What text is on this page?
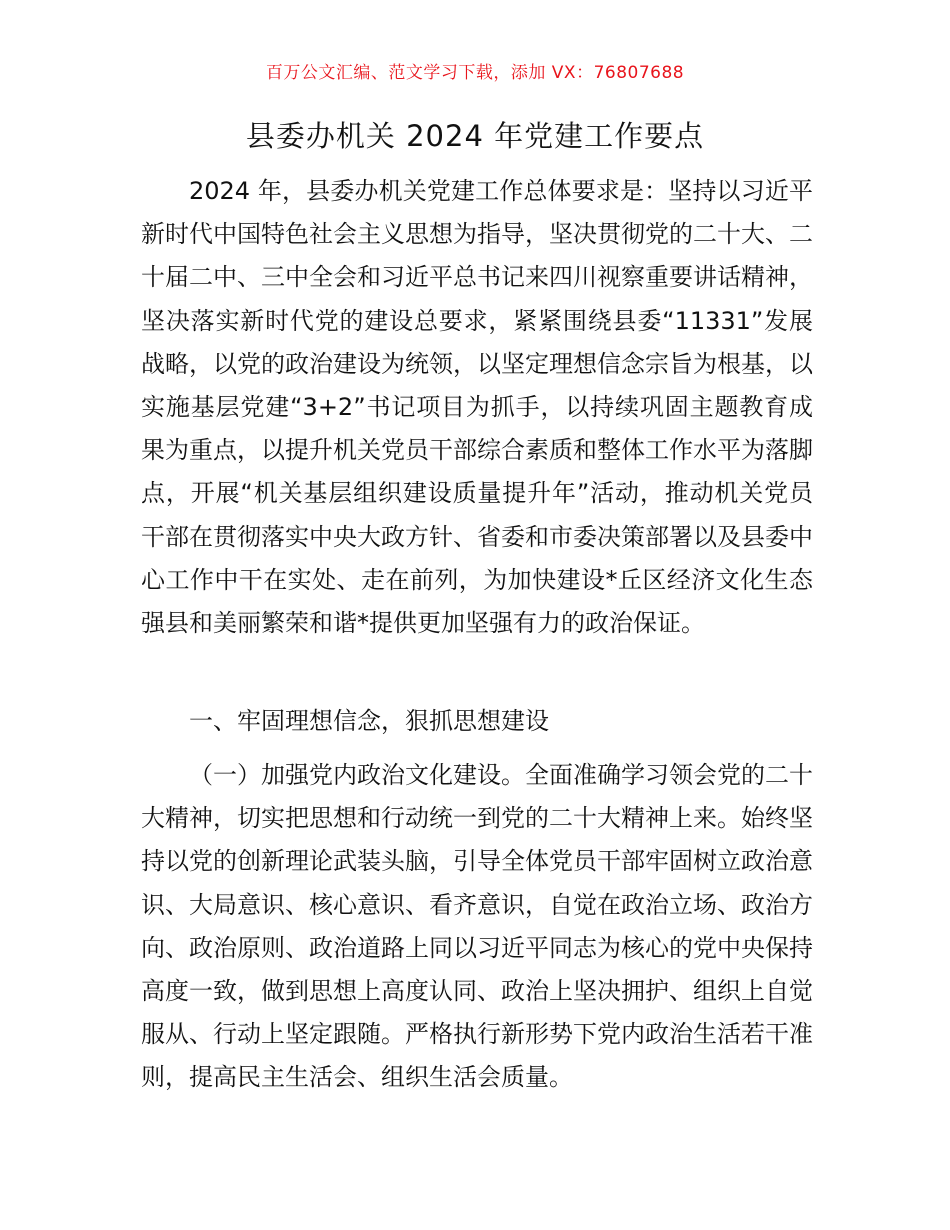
百万公文汇编、范文学习下载，添加 VX：76807688
县委办机关 2024 年党建工作要点

2024 年，县委办机关党建工作总体要求是：坚持以习近平新时代中国特色社会主义思想为指导，坚决贯彻党的二十大、二十届二中、三中全会和习近平总书记来四川视察重要讲话精神，坚决落实新时代党的建设总要求，紧紧围绕县委“11331”发展战略，以党的政治建设为统领，以坚定理想信念宗旨为根基，以实施基层党建“3+2”书记项目为抓手，以持续巩固主题教育成果为重点，以提升机关党员干部综合素质和整体工作水平为落脚点，开展“机关基层组织建设质量提升年”活动，推动机关党员干部在贯彻落实中央大政方针、省委和市委决策部署以及县委中心工作中干在实处、走在前列，为加快建设*丘区经济文化生态强县和美丽繁荣和谐*提供更加坚强有力的政治保证。

一、牢固理想信念，狠抓思想建设

（一）加强党内政治文化建设。全面准确学习领会党的二十大精神，切实把思想和行动统一到党的二十大精神上来。始终坚持以党的创新理论武装头脑，引导全体党员干部牢固树立政治意识、大局意识、核心意识、看齐意识，自觉在政治立场、政治方向、政治原则、政治道路上同以习近平同志为核心的党中央保持高度一致，做到思想上高度认同、政治上坚决拥护、组织上自觉服从、行动上坚定跟随。严格执行新形势下党内政治生活若干准则，提高民主生活会、组织生活会质量。
